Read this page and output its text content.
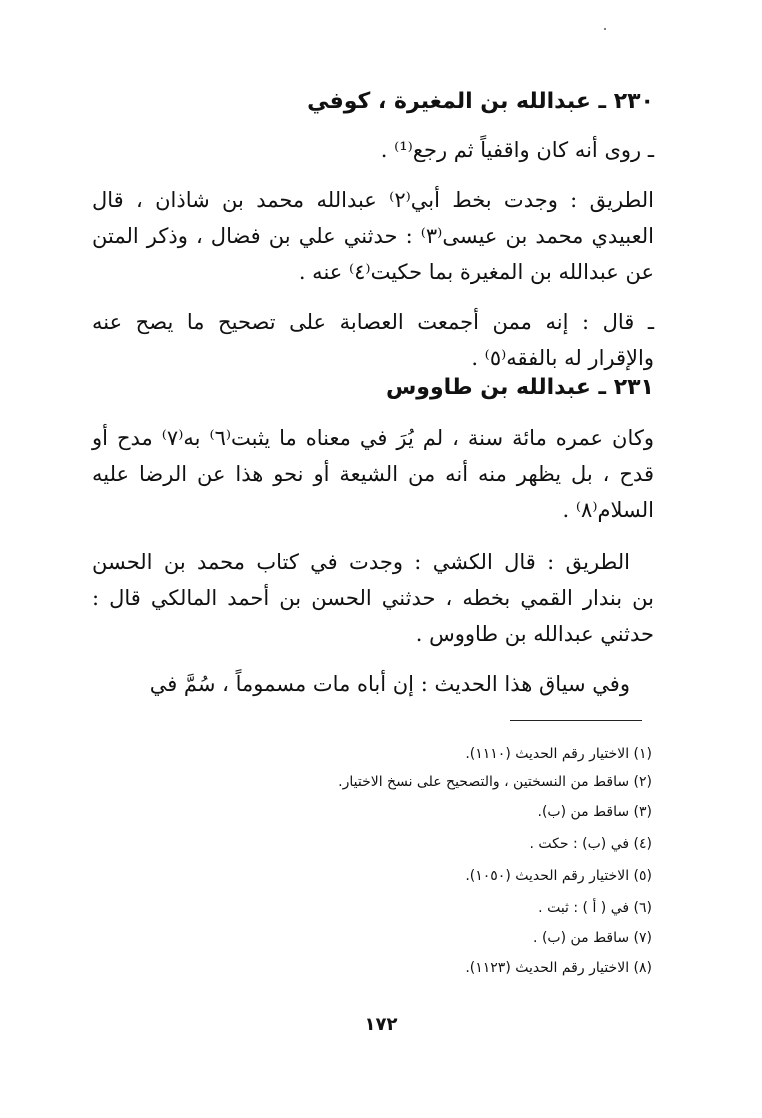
٢٣٠ ـ عبدالله بن المغيرة ، كوفي
ـ روى أنه كان واقفياً ثم رجع⁽¹⁾ .
الطريق : وجدت بخط أبي⁽٢⁾ عبدالله محمد بن شاذان ، قال
العبيدي محمد بن عيسى⁽٣⁾ : حدثني علي بن فضال ، وذكر المتن
عن عبدالله بن المغيرة بما حكيت⁽٤⁾ عنه .
ـ قال : إنه ممن أجمعت العصابة على تصحيح ما يصح عنه
والإقرار له بالفقه⁽٥⁾ .
٢٣١ ـ عبدالله بن طاووس
وكان عمره مائة سنة ، لم يُرَ في معناه ما يثبت⁽٦⁾ به⁽٧⁾ مدح أو
قدح ، بل يظهر منه أنه من الشيعة أو نحو هذا عن الرضا عليه
السلام⁽٨⁾ .
الطريق : قال الكشي : وجدت في كتاب محمد بن الحسن
بن بندار القمي بخطه ، حدثني الحسن بن أحمد المالكي قال :
حدثني عبدالله بن طاووس .
وفي سياق هذا الحديث : إن أباه مات مسموماً ، سُمَّ في
(١) الاختيار رقم الحديث (١١١٠).
(٢) ساقط من النسختين ، والتصحيح على نسخ الاختيار.
(٣) ساقط من (ب).
(٤) في (ب) : حكت .
(٥) الاختيار رقم الحديث (١٠٥٠).
(٦) في ( أ ) : ثبت .
(٧) ساقط من (ب) .
(٨) الاختيار رقم الحديث (١١٢٣).
١٧٢
